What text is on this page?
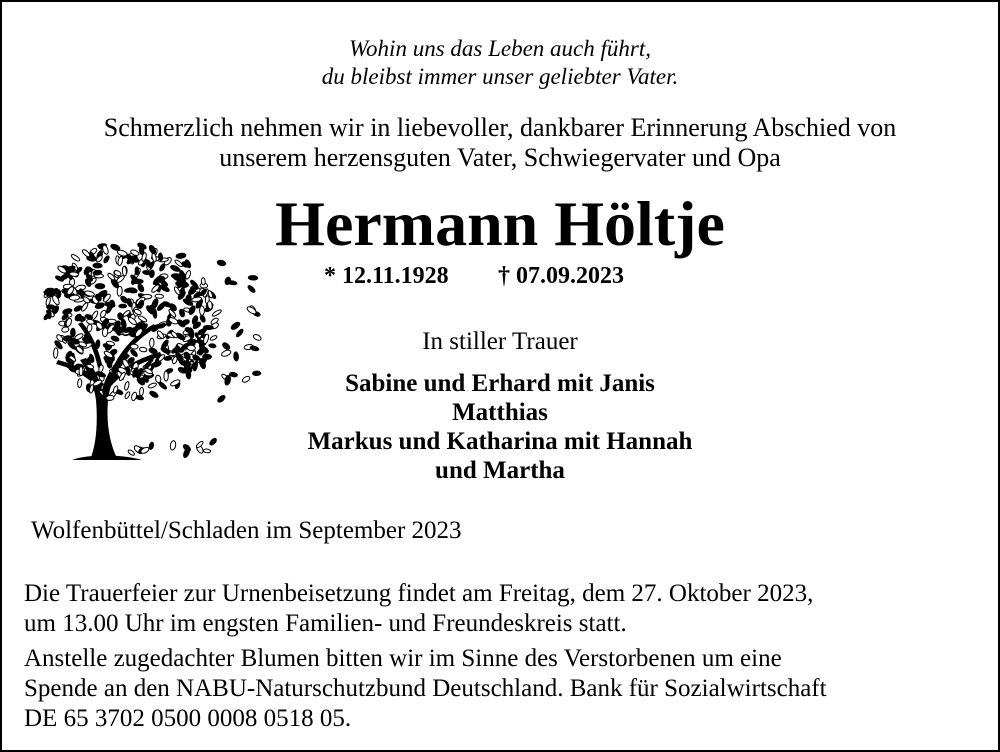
Wohin uns das Leben auch führt,

du bleibst immer unser geliebter Vater.

Schmerzlich nehmen wir in liebevoller, dankbarer Erinnerung Abschied von

unserem herzensguten Vater, Schwiegervater und Opa

Hermann Höltje

* 12.11.1928 † 07.09.2023

In stiller Trauer

Sabine und Erhard mit Janis

Matthias

Markus und Katharina mit Hannah

und Martha

Wolfenbüttel/Schladen im September 2023

Die Trauerfeier zur Urnenbeisetzung findet am Freitag, dem 27. Oktober 2023,

um 13.00 Uhr im engsten Familien- und Freundeskreis statt.

Anstelle zugedachter Blumen bitten wir im Sinne des Verstorbenen um eine

Spende an den NABU-Naturschutzbund Deutschland. Bank für Sozialwirtschaft

DE 65 3702 0500 0008 0518 05.
